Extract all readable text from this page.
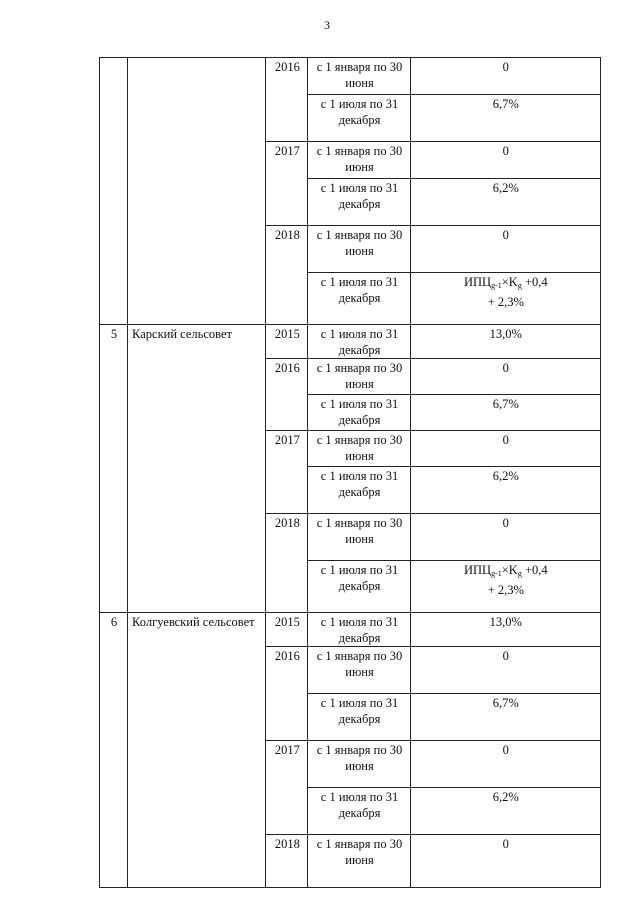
3
		2016	с 1 января по 30 июня	0
			с 1 июля по 31 декабря	6,7%
		2017	с 1 января по 30 июня	0
			с 1 июля по 31 декабря	6,2%
		2018	с 1 января по 30 июня	0
			с 1 июля по 31 декабря	$ИПЦ_{g-1}\times K_g +0,4$
+ 2,3%
5	Карский сельсовет	2015	с 1 июля по 31 декабря	13,0%
		2016	с 1 января по 30 июня	0
			с 1 июля по 31 декабря	6,7%
		2017	с 1 января по 30 июня	0
			с 1 июля по 31 декабря	6,2%
		2018	с 1 января по 30 июня	0
			с 1 июля по 31 декабря	$ИПЦ_{g-1}\times K_g +0,4$
+ 2,3%
6	Колгуевский сельсовет	2015	с 1 июля по 31 декабря	13,0%
		2016	с 1 января по 30 июня	0
			с 1 июля по 31 декабря	6,7%
		2017	с 1 января по 30 июня	0
			с 1 июля по 31 декабря	6,2%
		2018	с 1 января по 30 июня	0
